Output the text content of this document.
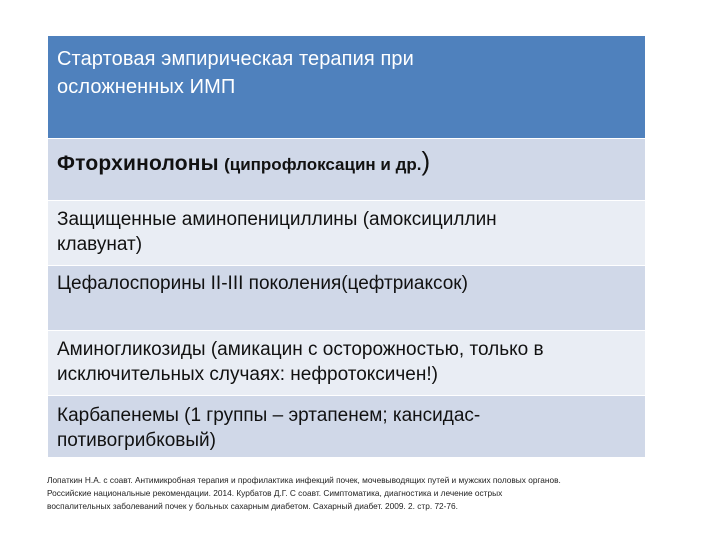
Стартовая эмпирическая терапия при
осложненных ИМП
Фторхинолоны (ципрофлоксацин и др.)
Защищенные аминопенициллины (амоксициллин
клавунат)
Цефалоспорины II-III поколения(цефтриаксок)
Аминогликозиды (амикацин с осторожностью, только в
исключительных случаях: нефротоксичен!)
Карбапенемы (1 группы – эртапенем; кансидас-
потивогрибковый)
Лопаткин Н.А. с соавт. Антимикробная терапия и профилактика инфекций почек, мочевыводящих путей и мужских половых органов.
Российские национальные рекомендации. 2014. Курбатов Д.Г. С соавт. Симптоматика, диагностика и лечение острых
воспалительных заболеваний почек у больных сахарным диабетом. Сахарный диабет. 2009. 2. стр. 72-76.
